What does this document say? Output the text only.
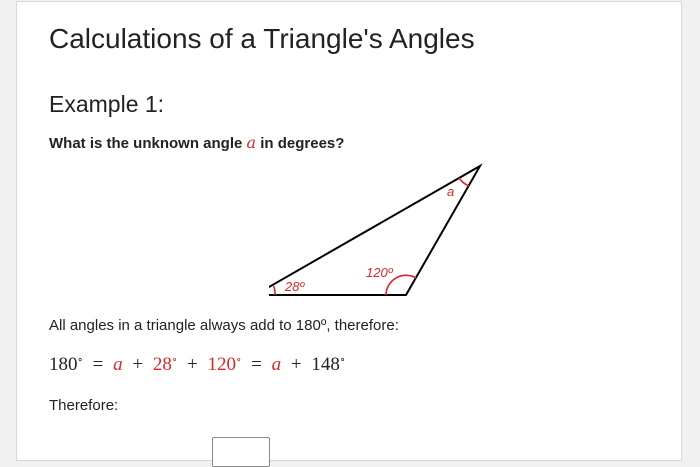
Calculations of a Triangle's Angles
Example 1:
What is the unknown angle a in degrees?
28º
120º
a
All angles in a triangle always add to 180º, therefore:
180∘ = a + 28∘ + 120∘ = a + 148∘
Therefore:
